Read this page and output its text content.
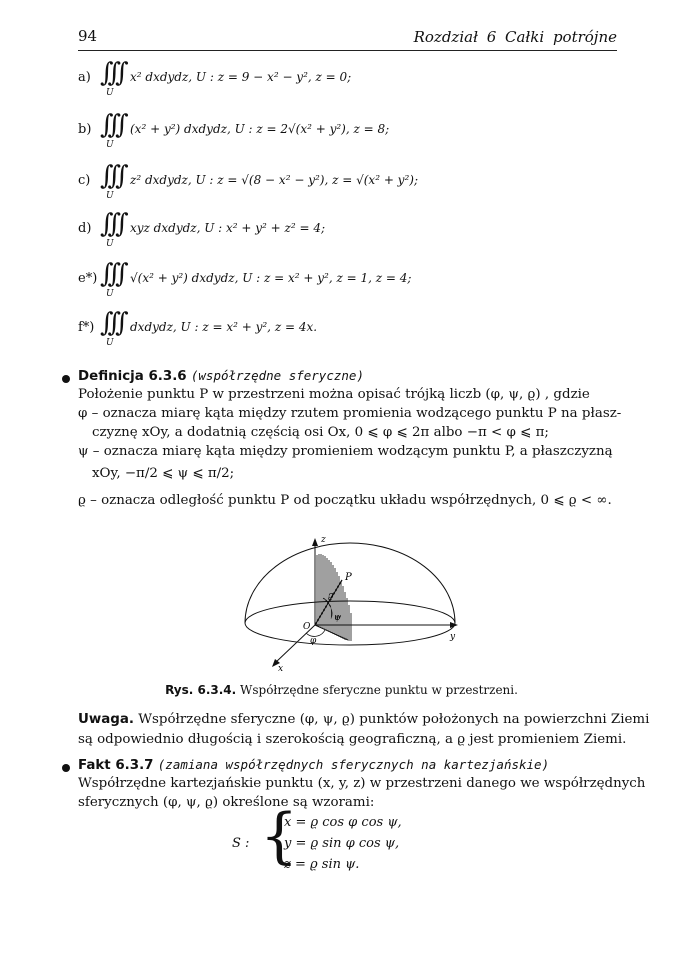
94	Rozdział 6 Całki potrójne
a) ∫∫∫
U
x² dxdydz, U : z = 9 − x² − y², z = 0;
b) ∫∫∫
U
(x² + y²) dxdydz, U : z = 2√(x² + y²), z = 8;
c) ∫∫∫
U
z² dxdydz, U : z = √(8 − x² − y²), z = √(x² + y²);
d) ∫∫∫
U
xyz dxdydz, U : x² + y² + z² = 4;
e*) ∫∫∫
U
√(x² + y²) dxdydz, U : z = x² + y², z = 1, z = 4;
f*) ∫∫∫
U
dxdydz, U : z = x² + y², z = 4x.
Definicja 6.3.6 (współrzędne sferyczne)
Położenie punktu P w przestrzeni można opisać trójką liczb (φ, ψ, ϱ) , gdzie
φ – oznacza miarę kąta między rzutem promienia wodzącego punktu P na płasz-
czyznę xOy, a dodatnią częścią osi Ox, 0 ⩽ φ ⩽ 2π albo −π < φ ⩽ π;
ψ – oznacza miarę kąta między promieniem wodzącym punktu P, a płaszczyzną
xOy, −π/2 ⩽ ψ ⩽ π/2;
ϱ – oznacza odległość punktu P od początku układu współrzędnych, 0 ⩽ ϱ < ∞.
z
y
x
P
O
ϱ
ψ
φ
Rys. 6.3.4. Współrzędne sferyczne punktu w przestrzeni.
Uwaga. Współrzędne sferyczne (φ, ψ, ϱ) punktów położonych na powierzchni Ziemi
są odpowiednio długością i szerokością geograficzną, a ϱ jest promieniem Ziemi.
Fakt 6.3.7 (zamiana współrzędnych sferycznych na kartezjańskie)
Współrzędne kartezjańskie punktu (x, y, z) w przestrzeni danego we współrzędnych
sferycznych (φ, ψ, ϱ) określone są wzorami:
S : {
x = ϱ cos φ cos ψ,
y = ϱ sin φ cos ψ,
z = ϱ sin ψ.
